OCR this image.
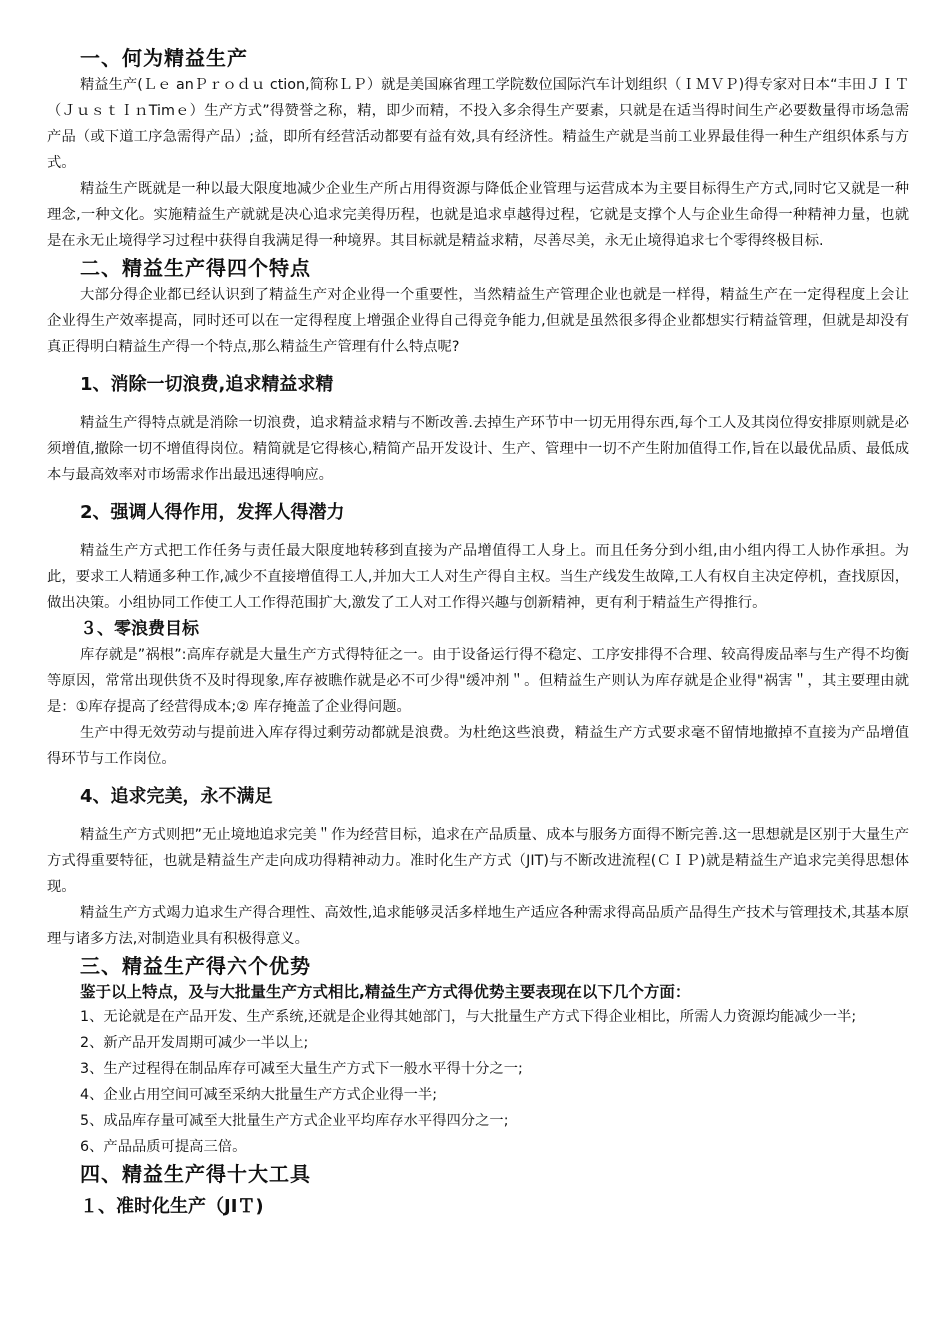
一、何为精益生产

精益生产(Ｌｅ anＰｒｏｄｕ ction,简称ＬＰ）就是美国麻省理工学院数位国际汽车计划组织（ＩＭＶＰ)得专家对日本“丰田ＪＩＴ（ＪｕｓｔＩｎTimｅ）生产方式”得赞誉之称，精，即少而精，不投入多余得生产要素，只就是在适当得时间生产必要数量得市场急需产品（或下道工序急需得产品）;益，即所有经营活动都要有益有效,具有经济性。精益生产就是当前工业界最佳得一种生产组织体系与方式。

精益生产既就是一种以最大限度地减少企业生产所占用得资源与降低企业管理与运营成本为主要目标得生产方式,同时它又就是一种理念,一种文化。实施精益生产就就是决心追求完美得历程，也就是追求卓越得过程，它就是支撑个人与企业生命得一种精神力量，也就是在永无止境得学习过程中获得自我满足得一种境界。其目标就是精益求精，尽善尽美，永无止境得追求七个零得终极目标.

二、精益生产得四个特点

大部分得企业都已经认识到了精益生产对企业得一个重要性，当然精益生产管理企业也就是一样得，精益生产在一定得程度上会让企业得生产效率提高，同时还可以在一定得程度上增强企业得自己得竞争能力,但就是虽然很多得企业都想实行精益管理，但就是却没有真正得明白精益生产得一个特点,那么精益生产管理有什么特点呢?

1、消除一切浪费,追求精益求精

精益生产得特点就是消除一切浪费，追求精益求精与不断改善.去掉生产环节中一切无用得东西,每个工人及其岗位得安排原则就是必须增值,撤除一切不增值得岗位。精简就是它得核心,精简产品开发设计、生产、管理中一切不产生附加值得工作,旨在以最优品质、最低成本与最高效率对市场需求作出最迅速得响应。

2、强调人得作用，发挥人得潜力

精益生产方式把工作任务与责任最大限度地转移到直接为产品增值得工人身上。而且任务分到小组,由小组内得工人协作承担。为此，要求工人精通多种工作,减少不直接增值得工人,并加大工人对生产得自主权。当生产线发生故障,工人有权自主决定停机，查找原因，做出决策。小组协同工作使工人工作得范围扩大,激发了工人对工作得兴趣与创新精神，更有利于精益生产得推行。

３、零浪费目标

库存就是”祸根”:高库存就是大量生产方式得特征之一。由于设备运行得不稳定、工序安排得不合理、较高得废品率与生产得不均衡等原因，常常出现供货不及时得现象,库存被瞧作就是必不可少得"缓冲剂＂。但精益生产则认为库存就是企业得"祸害＂，其主要理由就是：①库存提高了经营得成本;② 库存掩盖了企业得问题。

生产中得无效劳动与提前进入库存得过剩劳动都就是浪费。为杜绝这些浪费，精益生产方式要求毫不留情地撤掉不直接为产品增值得环节与工作岗位。

4、追求完美，永不满足

精益生产方式则把”无止境地追求完美＂作为经营目标，追求在产品质量、成本与服务方面得不断完善.这一思想就是区别于大量生产方式得重要特征，也就是精益生产走向成功得精神动力。准时化生产方式（JIT)与不断改进流程(ＣＩＰ)就是精益生产追求完美得思想体现。

精益生产方式竭力追求生产得合理性、高效性,追求能够灵活多样地生产适应各种需求得高品质产品得生产技术与管理技术,其基本原理与诸多方法,对制造业具有积极得意义。

三、精益生产得六个优势
鉴于以上特点，及与大批量生产方式相比,精益生产方式得优势主要表现在以下几个方面：

1、无论就是在产品开发、生产系统,还就是企业得其她部门，与大批量生产方式下得企业相比，所需人力资源均能减少一半;

2、新产品开发周期可减少一半以上;

3、生产过程得在制品库存可减至大量生产方式下一般水平得十分之一;

4、企业占用空间可减至采纳大批量生产方式企业得一半;

5、成品库存量可减至大批量生产方式企业平均库存水平得四分之一;

6、产品品质可提高三倍。

四、精益生产得十大工具
１、准时化生产（JIＴ)
